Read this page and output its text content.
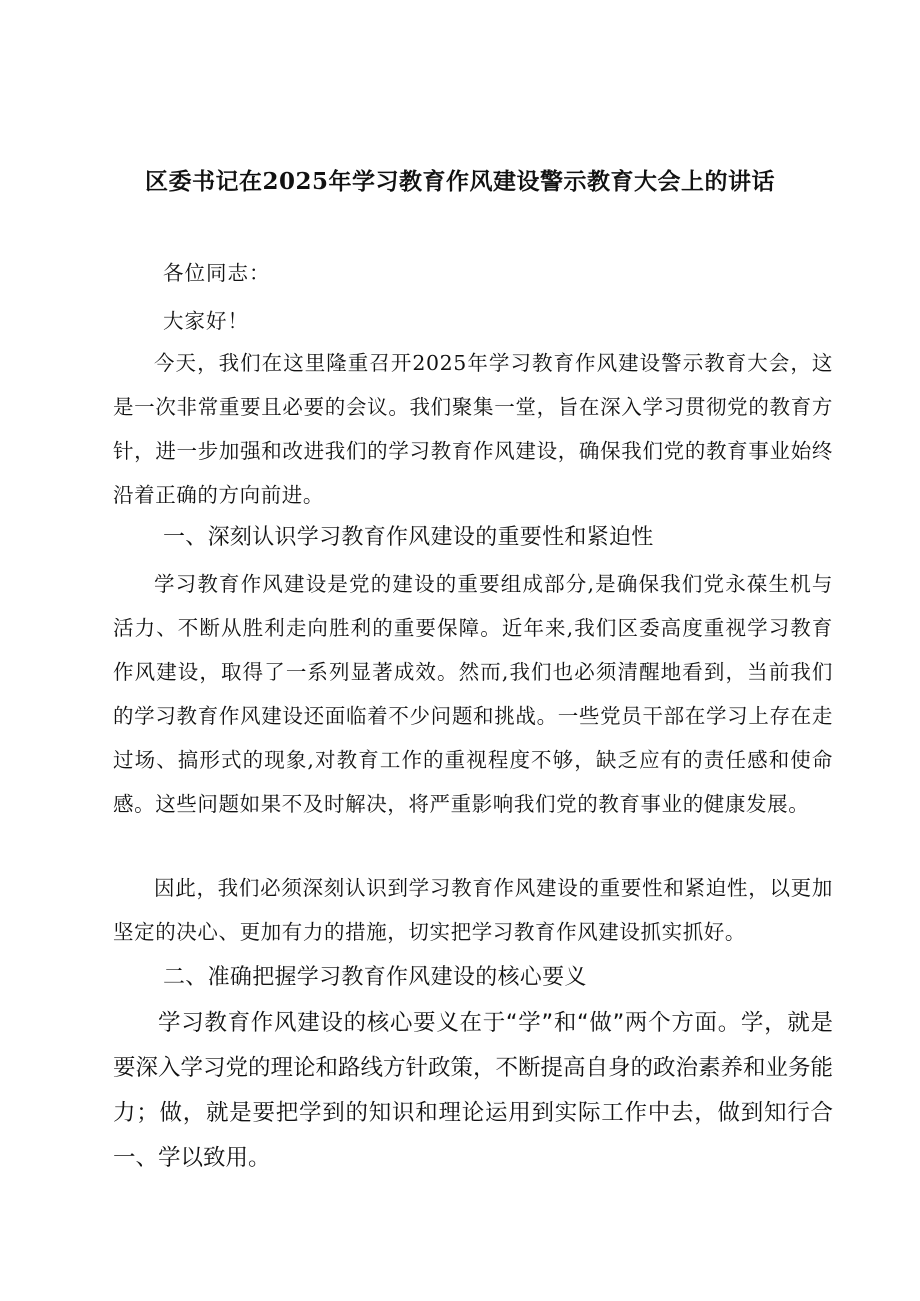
区委书记在2025年学习教育作风建设警示教育大会上的讲话
各位同志：
大家好！
今天，我们在这里隆重召开2025年学习教育作风建设警示教育大会，这是一次非常重要且必要的会议。我们聚集一堂，旨在深入学习贯彻党的教育方针，进一步加强和改进我们的学习教育作风建设，确保我们党的教育事业始终沿着正确的方向前进。
一、深刻认识学习教育作风建设的重要性和紧迫性
学习教育作风建设是党的建设的重要组成部分,是确保我们党永葆生机与活力、不断从胜利走向胜利的重要保障。近年来,我们区委高度重视学习教育作风建设，取得了一系列显著成效。然而,我们也必须清醒地看到，当前我们的学习教育作风建设还面临着不少问题和挑战。一些党员干部在学习上存在走过场、搞形式的现象,对教育工作的重视程度不够，缺乏应有的责任感和使命感。这些问题如果不及时解决，将严重影响我们党的教育事业的健康发展。
因此，我们必须深刻认识到学习教育作风建设的重要性和紧迫性，以更加坚定的决心、更加有力的措施，切实把学习教育作风建设抓实抓好。
二、准确把握学习教育作风建设的核心要义
学习教育作风建设的核心要义在于“学”和“做”两个方面。学，就是要深入学习党的理论和路线方针政策，不断提高自身的政治素养和业务能力；做，就是要把学到的知识和理论运用到实际工作中去，做到知行合一、学以致用。
